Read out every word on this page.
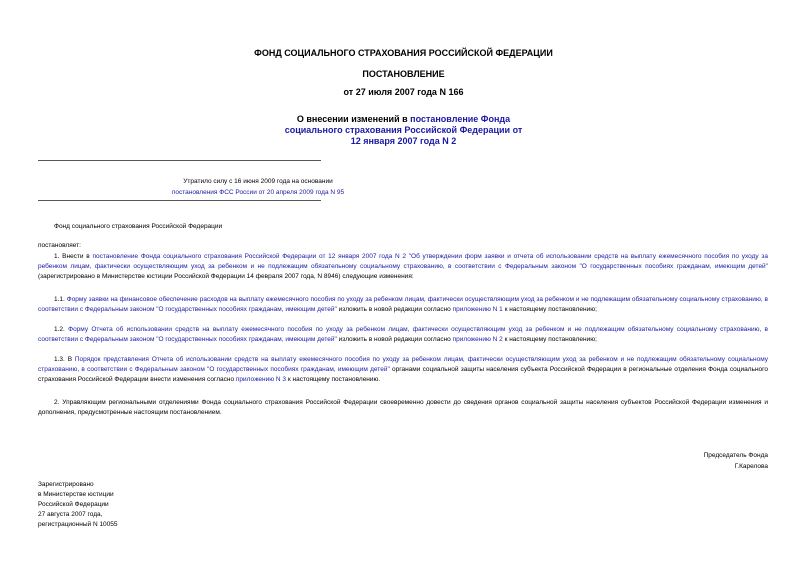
ФОНД СОЦИАЛЬНОГО СТРАХОВАНИЯ РОССИЙСКОЙ ФЕДЕРАЦИИ
ПОСТАНОВЛЕНИЕ
от 27 июля 2007 года N 166
О внесении изменений в постановление Фонда социального страхования Российской Федерации от 12 января 2007 года N 2
Утратило силу с 16 июня 2009 года на основании
постановления ФСС России от 20 апреля 2009 года N 95
Фонд социального страхования Российской Федерации
постановляет:
1. Внести в постановление Фонда социального страхования Российской Федерации от 12 января 2007 года N 2 "Об утверждении форм заявки и отчета об использовании средств на выплату ежемесячного пособия по уходу за ребенком лицам, фактически осуществляющим уход за ребенком и не подлежащим обязательному социальному страхованию, в соответствии с Федеральным законом "О государственных пособиях гражданам, имеющим детей" (зарегистрировано в Министерстве юстиции Российской Федерации 14 февраля 2007 года, N 8946) следующие изменения:
1.1. Форму заявки на финансовое обеспечение расходов на выплату ежемесячного пособия по уходу за ребенком лицам, фактически осуществляющим уход за ребенком и не подлежащим обязательному социальному страхованию, в соответствии с Федеральным законом "О государственных пособиях гражданам, имеющим детей" изложить в новой редакции согласно приложению N 1 к настоящему постановлению;
1.2. Форму Отчета об использовании средств на выплату ежемесячного пособия по уходу за ребенком лицам, фактически осуществляющим уход за ребенком и не подлежащим обязательному социальному страхованию, в соответствии с Федеральным законом "О государственных пособиях гражданам, имеющим детей" изложить в новой редакции согласно приложению N 2 к настоящему постановлению;
1.3. В Порядок представления Отчета об использовании средств на выплату ежемесячного пособия по уходу за ребенком лицам, фактически осуществляющим уход за ребенком и не подлежащим обязательному социальному страхованию, в соответствии с Федеральным законом "О государственных пособиях гражданам, имеющим детей" органами социальной защиты населения субъекта Российской Федерации в региональные отделения Фонда социального страхования Российской Федерации внести изменения согласно приложению N 3 к настоящему постановлению.
2. Управляющим региональными отделениями Фонда социального страхования Российской Федерации своевременно довести до сведения органов социальной защиты населения субъектов Российской Федерации изменения и дополнения, предусмотренные настоящим постановлением.
Председатель Фонда
Г.Карелова
Зарегистрировано
в Министерстве юстиции
Российской Федерации
27 августа 2007 года,
регистрационный N 10055
